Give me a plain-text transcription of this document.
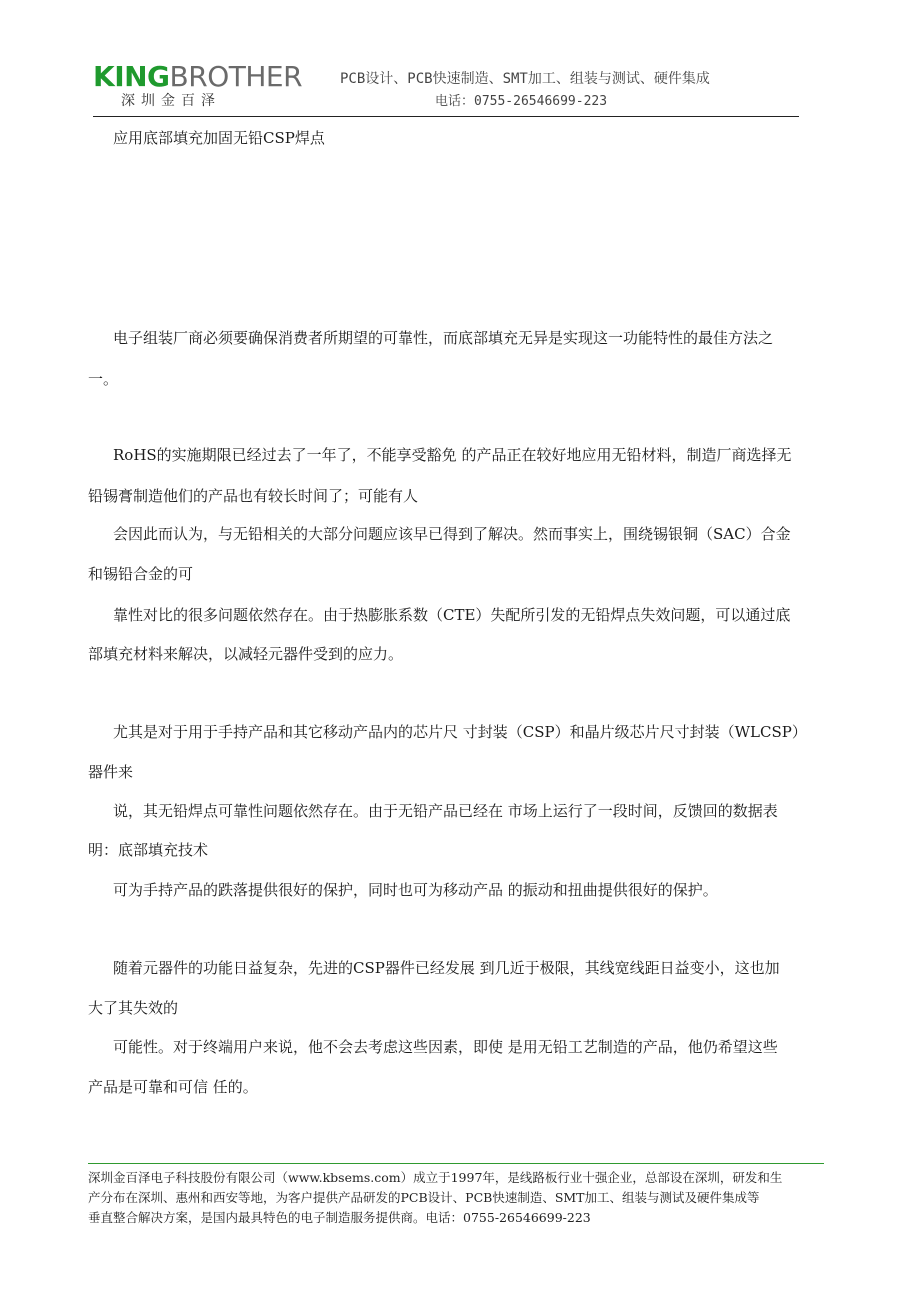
KINGBROTHER
深圳金百泽
PCB设计、PCB快速制造、SMT加工、组装与测试、硬件集成
电话：0755-26546699-223
应用底部填充加固无铅CSP焊点
电子组装厂商必须要确保消费者所期望的可靠性，而底部填充无异是实现这一功能特性的最佳方法之
一。
RoHS的实施期限已经过去了一年了，不能享受豁免 的产品正在较好地应用无铅材料，制造厂商选择无
铅锡膏制造他们的产品也有较长时间了；可能有人
会因此而认为，与无铅相关的大部分问题应该早已得到了解决。然而事实上，围绕锡银铜（SAC）合金
和锡铅合金的可
靠性对比的很多问题依然存在。由于热膨胀系数（CTE）失配所引发的无铅焊点失效问题，可以通过底
部填充材料来解决，以减轻元器件受到的应力。
尤其是对于用于手持产品和其它移动产品内的芯片尺 寸封装（CSP）和晶片级芯片尺寸封装（WLCSP）
器件来
说，其无铅焊点可靠性问题依然存在。由于无铅产品已经在 市场上运行了一段时间，反馈回的数据表
明：底部填充技术
可为手持产品的跌落提供很好的保护，同时也可为移动产品 的振动和扭曲提供很好的保护。
随着元器件的功能日益复杂，先进的CSP器件已经发展 到几近于极限，其线宽线距日益变小，这也加
大了其失效的
可能性。对于终端用户来说，他不会去考虑这些因素，即使 是用无铅工艺制造的产品，他仍希望这些
产品是可靠和可信 任的。
深圳金百泽电子科技股份有限公司（www.kbsems.com）成立于1997年，是线路板行业十强企业，总部设在深圳，研发和生
产分布在深圳、惠州和西安等地，为客户提供产品研发的PCB设计、PCB快速制造、SMT加工、组装与测试及硬件集成等
垂直整合解决方案，是国内最具特色的电子制造服务提供商。电话：0755-26546699-223
